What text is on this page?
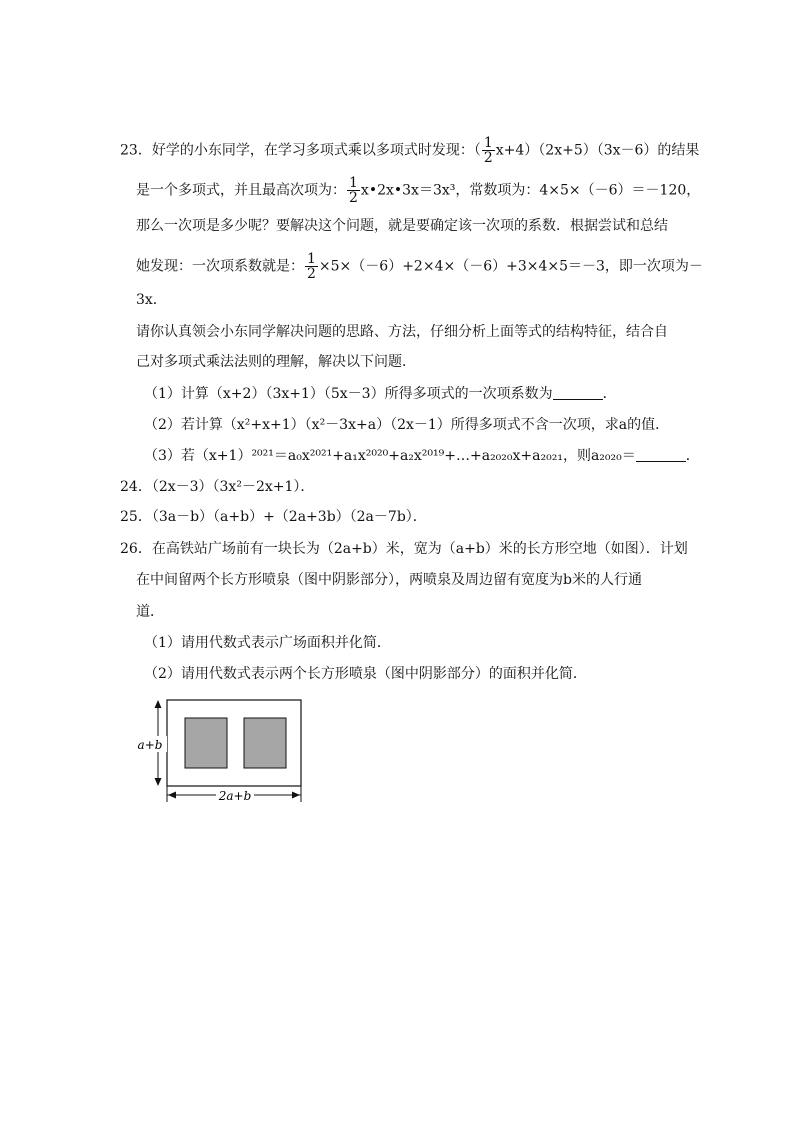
23．好学的小东同学，在学习多项式乘以多项式时发现：（ $\frac{1}{2} x+4)(2x+5)(3x-6)$的结果
是一个多项式，并且最高次项为： $\frac{1}{2}$ x•2x•3x＝3x³，常数项为：4×5×（－6）＝－120，
那么一次项是多少呢？要解决这个问题，就是要确定该一次项的系数．根据尝试和总结
她发现：一次项系数就是： $\frac{1}{2} \times 5\times(-6)+2\times 4\times(-6)+3\times 4\times 5=-3$，即一次项为－
3x．
请你认真领会小东同学解决问题的思路、方法，仔细分析上面等式的结构特征，结合自
己对多项式乘法法则的理解，解决以下问题．
（1）计算（x+2）（3x+1）（5x－3）所得多项式的一次项系数为	．
（2）若计算（x²+x+1）（x²－3x+a）（2x－1）所得多项式不含一次项，求a的值．
（3）若（x+1）²⁰²¹＝a₀x²⁰²¹+a₁x²⁰²⁰+a₂x²⁰¹⁹+…+a₂₀₂₀x+a₂₀₂₁，则a₂₀₂₀＝	．
24．（2x－3）（3x²－2x+1）．
25．（3a－b）（a+b）+（2a+3b）（2a－7b）．
26．在高铁站广场前有一块长为（2a+b）米，宽为（a+b）米的长方形空地（如图）．计划
在中间留两个长方形喷泉（图中阴影部分），两喷泉及周边留有宽度为b米的人行通
道．
（1）请用代数式表示广场面积并化简．
（2）请用代数式表示两个长方形喷泉（图中阴影部分）的面积并化简．
a+b
2a+b
